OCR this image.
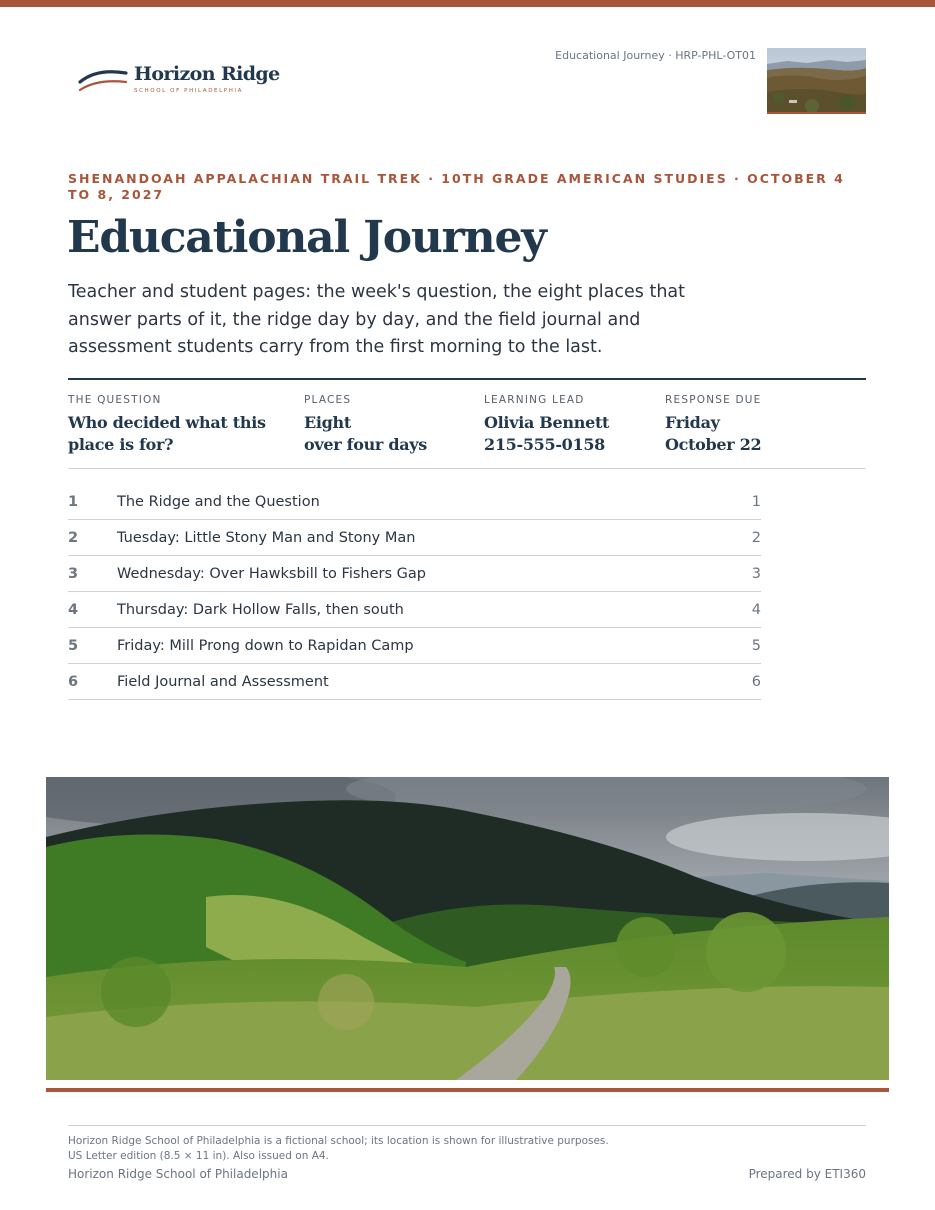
Horizon Ridge
SCHOOL OF PHILADELPHIA
Educational Journey · HRP-PHL-OT01
SHENANDOAH APPALACHIAN TRAIL TREK · 10TH GRADE AMERICAN STUDIES · OCTOBER 4 TO 8, 2027
Educational Journey

Teacher and student pages: the week's question, the eight places that answer parts of it, the ridge day by day, and the field journal and assessment students carry from the first morning to the last.

THE QUESTION
Who decided what this
place is for?
PLACES
Eight
over four days
LEARNING LEAD
Olivia Bennett
215-555-0158
RESPONSE DUE
Friday
October 22
1	The Ridge and the Question	1
2	Tuesday: Little Stony Man and Stony Man	2
3	Wednesday: Over Hawksbill to Fishers Gap	3
4	Thursday: Dark Hollow Falls, then south	4
5	Friday: Mill Prong down to Rapidan Camp	5
6	Field Journal and Assessment	6
Horizon Ridge School of Philadelphia is a fictional school; its location is shown for illustrative purposes.
US Letter edition (8.5 × 11 in). Also issued on A4.
Horizon Ridge School of Philadelphia	Prepared by ETI360
